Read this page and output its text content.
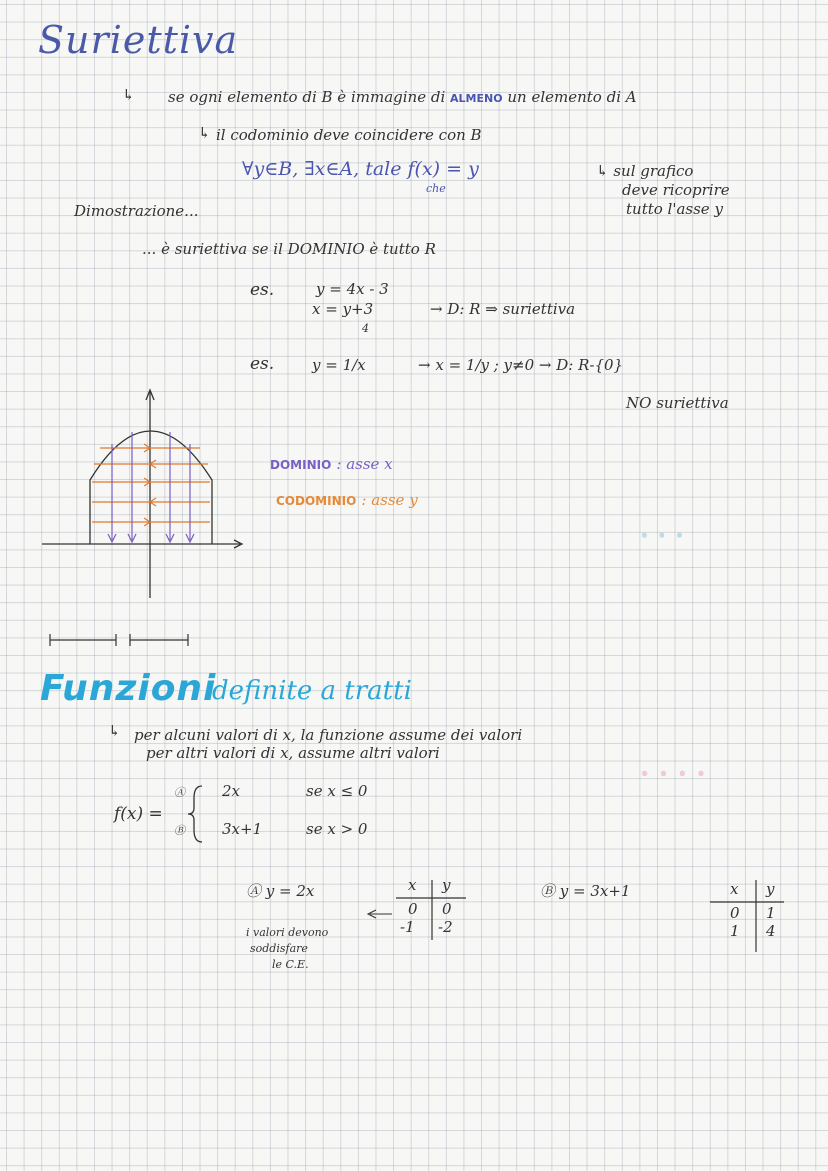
Suriettiva
↳ se ogni elemento di B è immagine di ALMENO un elemento di A
↳ il codominio deve coincidere con B
∀y∈B, ∃x∈A, tale f(x) = y
che
↳ sul grafico
deve ricoprire
tutto l'asse y
Dimostrazione...
... è suriettiva se il DOMINIO è tutto R
es.	y = 4x - 3
x = y+3
4
→ D: R ⇒ suriettiva
es.	y = 1/x	→ x = 1/y ; y≠0 → D: R-{0}
NO suriettiva
DOMINIO : asse x
CODOMINIO : asse y
ꞏ ꞏ ꞏ
Funzioni
definite a tratti
↳ per alcuni valori di x, la funzione assume dei valori
per altri valori di x, assume altri valori
ꞏ ꞏ ꞏ ꞏ
f(x) =
Ⓐ 2x	se x ≤ 0
Ⓑ 3x+1	se x > 0
Ⓐ y = 2x	x y
0 0
-1 -2
i valori devono
soddisfare
le C.E.
Ⓑ y = 3x+1	x y
0 1
1 4
